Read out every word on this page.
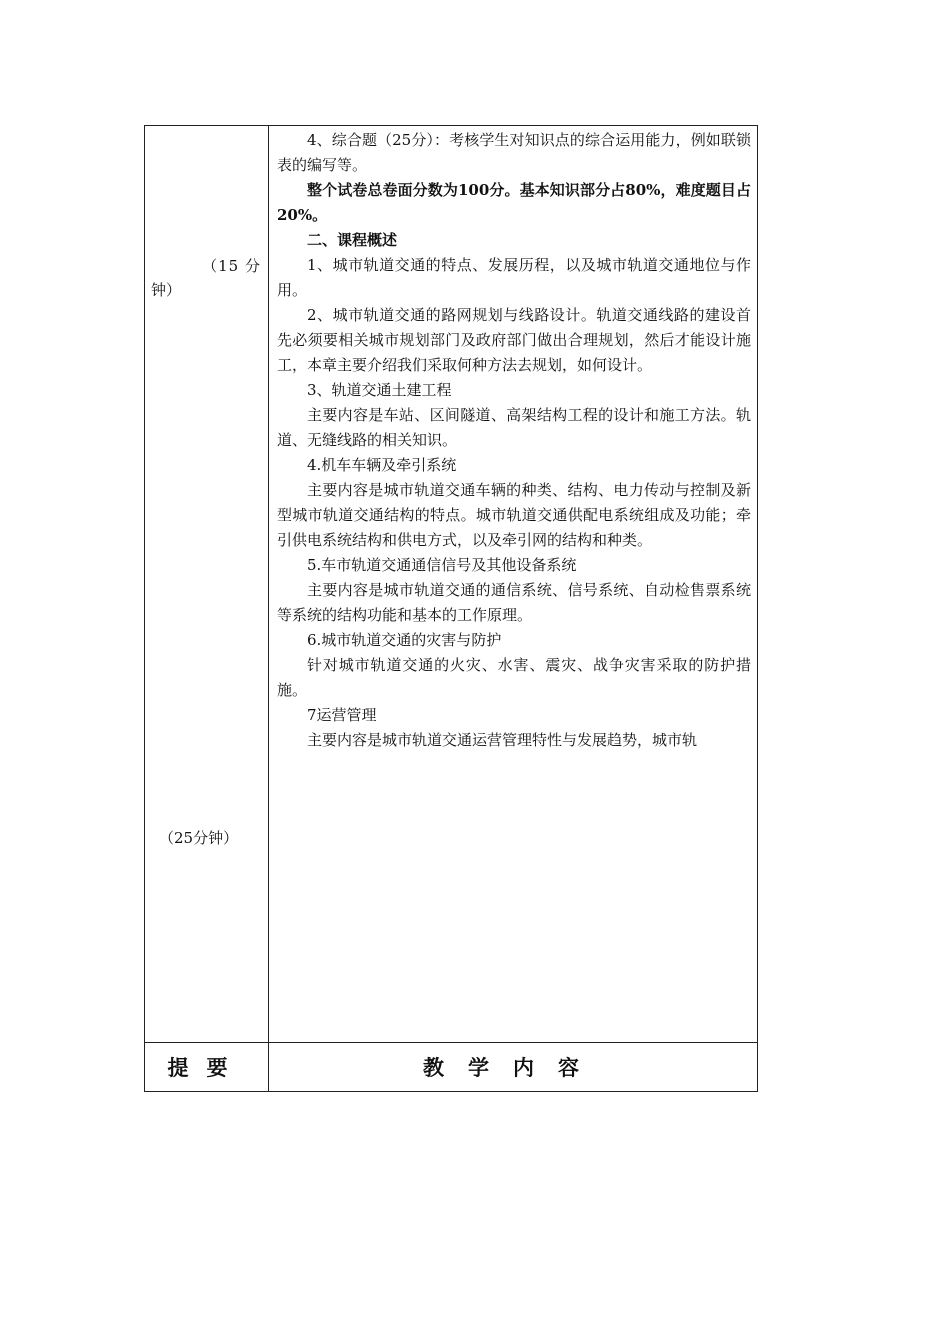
（15 分
钟）
（25分钟）

4、综合题（25分）：考核学生对知识点的综合运用能力，例如联锁表的编写等。

整个试卷总卷面分数为100分。基本知识部分占80%，难度题目占20%。

二、课程概述

1、城市轨道交通的特点、发展历程，以及城市轨道交通地位与作用。

2、城市轨道交通的路网规划与线路设计。轨道交通线路的建设首先必须要相关城市规划部门及政府部门做出合理规划，然后才能设计施工，本章主要介绍我们采取何种方法去规划，如何设计。

3、轨道交通土建工程

主要内容是车站、区间隧道、高架结构工程的设计和施工方法。轨道、无缝线路的相关知识。

4.机车车辆及牵引系统

主要内容是城市轨道交通车辆的种类、结构、电力传动与控制及新型城市轨道交通结构的特点。城市轨道交通供配电系统组成及功能；牵引供电系统结构和供电方式，以及牵引网的结构和种类。

5.车市轨道交通通信信号及其他设备系统

主要内容是城市轨道交通的通信系统、信号系统、自动检售票系统等系统的结构功能和基本的工作原理。

6.城市轨道交通的灾害与防护

针对城市轨道交通的火灾、水害、震灾、战争灾害采取的防护措施。

7运营管理

主要内容是城市轨道交通运营管理特性与发展趋势，城市轨

提要	教学内容
